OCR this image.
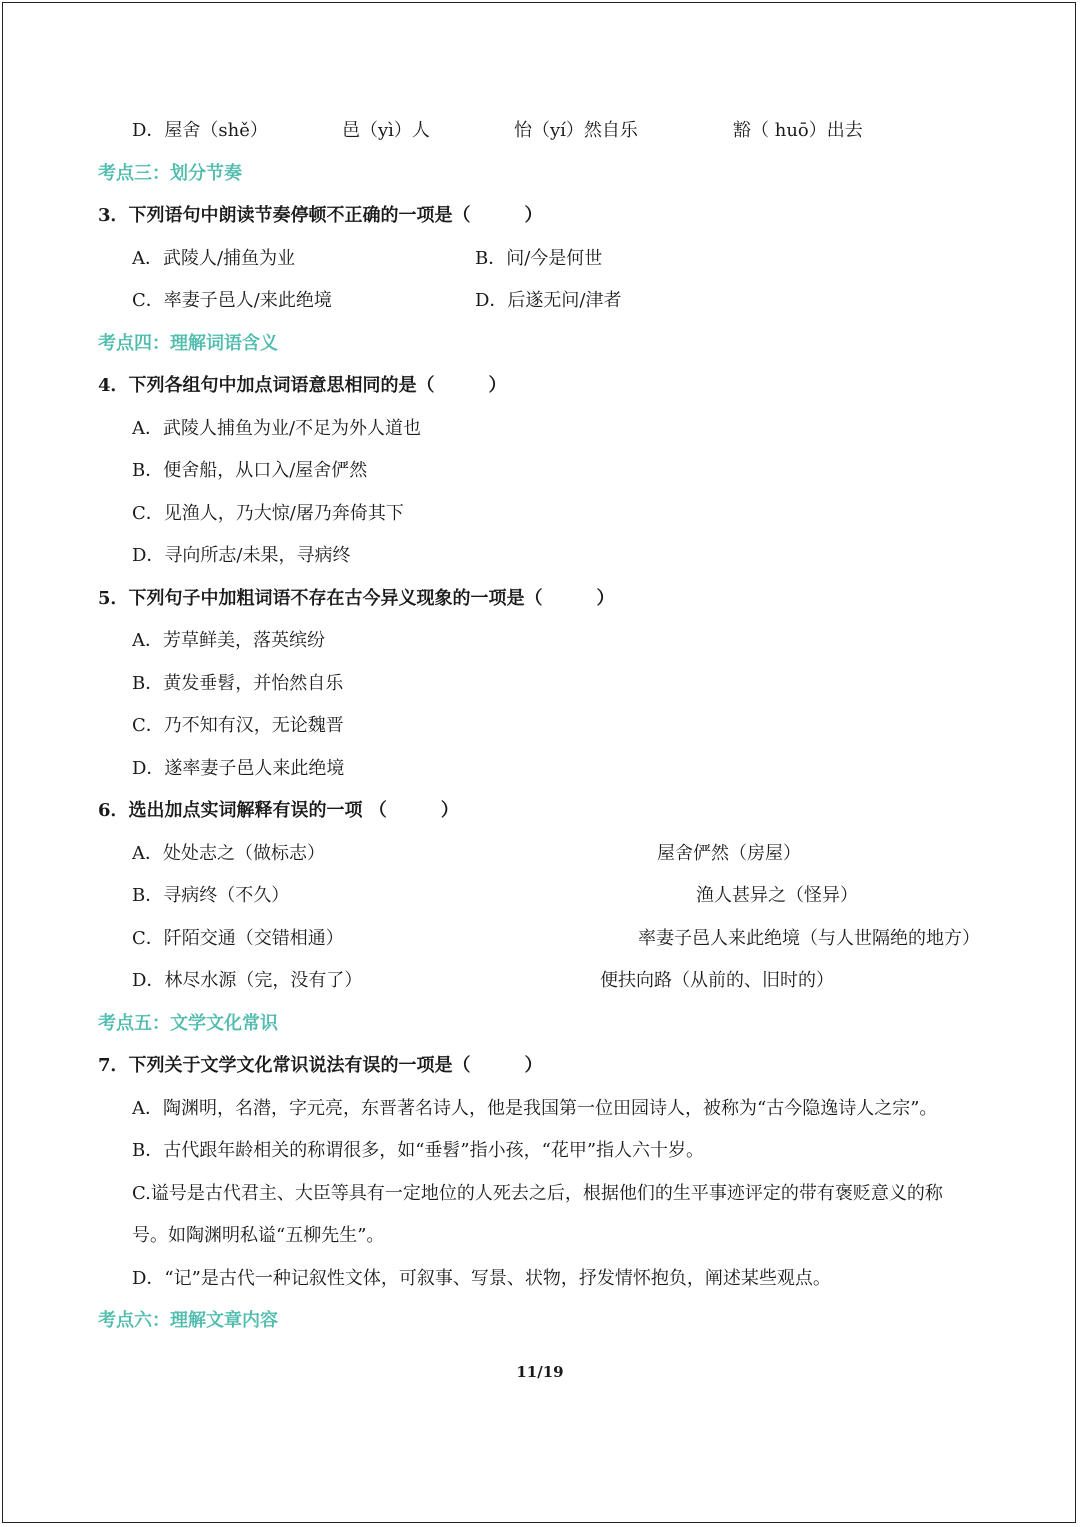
D．屋舍（shě）	邑（yì）人	怡（yí）然自乐	豁（ huō）出去
考点三：划分节奏
3．下列语句中朗读节奏停顿不正确的一项是（　　　）
A．武陵人/捕鱼为业	B．问/今是何世
C．率妻子邑人/来此绝境	D．后遂无问/津者
考点四：理解词语含义
4．下列各组句中加点词语意思相同的是（　　　）
A．武陵人捕鱼为业/不足为外人道也
B．便舍船，从口入/屋舍俨然
C．见渔人，乃大惊/屠乃奔倚其下
D．寻向所志/未果，寻病终
5．下列句子中加粗词语不存在古今异义现象的一项是（　　　）
A．芳草鲜美，落英缤纷
B．黄发垂髫，并怡然自乐
C．乃不知有汉，无论魏晋
D．遂率妻子邑人来此绝境
6．选出加点实词解释有误的一项 （　　　）
A．处处志之（做标志）	屋舍俨然（房屋）
B．寻病终（不久）	渔人甚异之（怪异）
C．阡陌交通（交错相通）	率妻子邑人来此绝境（与人世隔绝的地方）
D．林尽水源（完，没有了）	便扶向路（从前的、旧时的）
考点五：文学文化常识
7．下列关于文学文化常识说法有误的一项是（　　　）
A．陶渊明，名潜，字元亮，东晋著名诗人，他是我国第一位田园诗人，被称为“古今隐逸诗人之宗”。
B．古代跟年龄相关的称谓很多，如“垂髫”指小孩，“花甲”指人六十岁。
C.谥号是古代君主、大臣等具有一定地位的人死去之后，根据他们的生平事迹评定的带有褒贬意义的称
号。如陶渊明私谥“五柳先生”。
D．“记”是古代一种记叙性文体，可叙事、写景、状物，抒发情怀抱负，阐述某些观点。
考点六：理解文章内容
11/19
